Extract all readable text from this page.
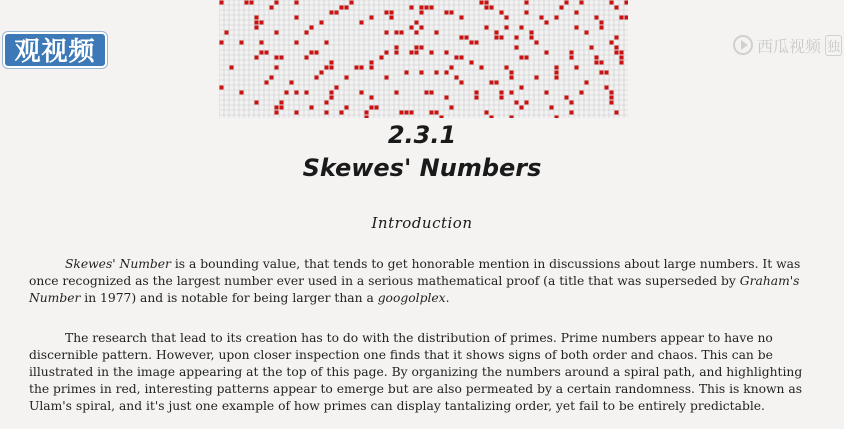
观视频	西瓜视频 独
2.3.1
Skewes' Numbers
Introduction

Skewes' Number is a bounding value, that tends to get honorable mention in discussions about large numbers. It was once recognized as the largest number ever used in a serious mathematical proof (a title that was superseded by Graham's Number in 1977) and is notable for being larger than a googolplex.

The research that lead to its creation has to do with the distribution of primes. Prime numbers appear to have no discernible pattern. However, upon closer inspection one finds that it shows signs of both order and chaos. This can be illustrated in the image appearing at the top of this page. By organizing the numbers around a spiral path, and highlighting the primes in red, interesting patterns appear to emerge but are also permeated by a certain randomness. This is known as Ulam's spiral, and it's just one example of how primes can display tantalizing order, yet fail to be entirely predictable.
